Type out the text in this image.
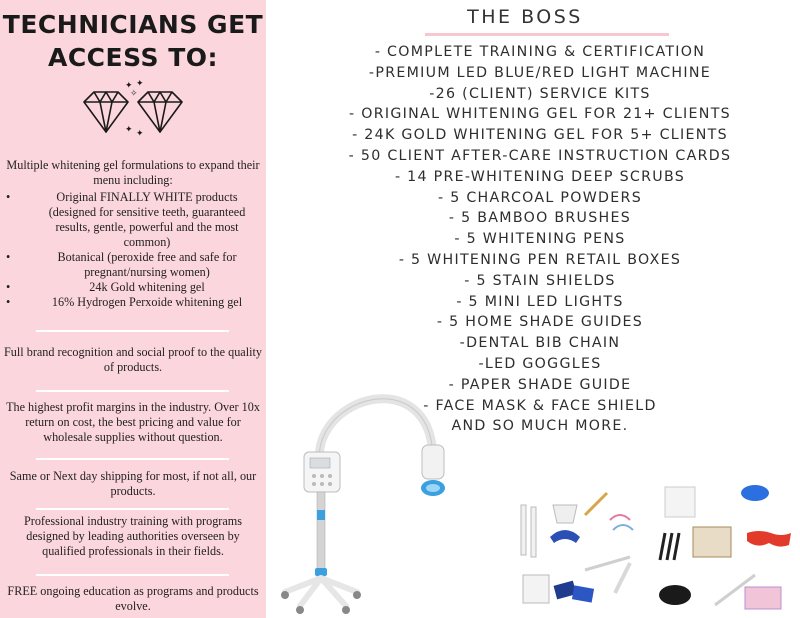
TECHNICIANS GET ACCESS TO:
✦ ✦
✧
✦ ✦
Multiple whitening gel formulations to expand their menu including:
• Original FINALLY WHITE products (designed for sensitive teeth, guaranteed results, gentle, powerful and the most common)
• Botanical (peroxide free and safe for pregnant/nursing women)
• 24k Gold whitening gel
• 16% Hydrogen Perxoide whitening gel
Full brand recognition and social proof to the quality of products.
The highest profit margins in the industry. Over 10x return on cost, the best pricing and value for wholesale supplies without question.
Same or Next day shipping for most, if not all, our products.
Professional industry training with programs designed by leading authorities overseen by qualified professionals in their fields.
FREE ongoing education as programs and products evolve.
THE BOSS
- COMPLETE TRAINING & CERTIFICATION
-PREMIUM LED BLUE/RED LIGHT MACHINE
-26 (CLIENT) SERVICE KITS
- ORIGINAL WHITENING GEL FOR 21+ CLIENTS
- 24K GOLD WHITENING GEL FOR 5+ CLIENTS
- 50 CLIENT AFTER-CARE INSTRUCTION CARDS
- 14 PRE-WHITENING DEEP SCRUBS
- 5 CHARCOAL POWDERS
- 5 BAMBOO BRUSHES
- 5 WHITENING PENS
- 5 WHITENING PEN RETAIL BOXES
- 5 STAIN SHIELDS
- 5 MINI LED LIGHTS
- 5 HOME SHADE GUIDES
-DENTAL BIB CHAIN
-LED GOGGLES
- PAPER SHADE GUIDE
- FACE MASK & FACE SHIELD
AND SO MUCH MORE.
